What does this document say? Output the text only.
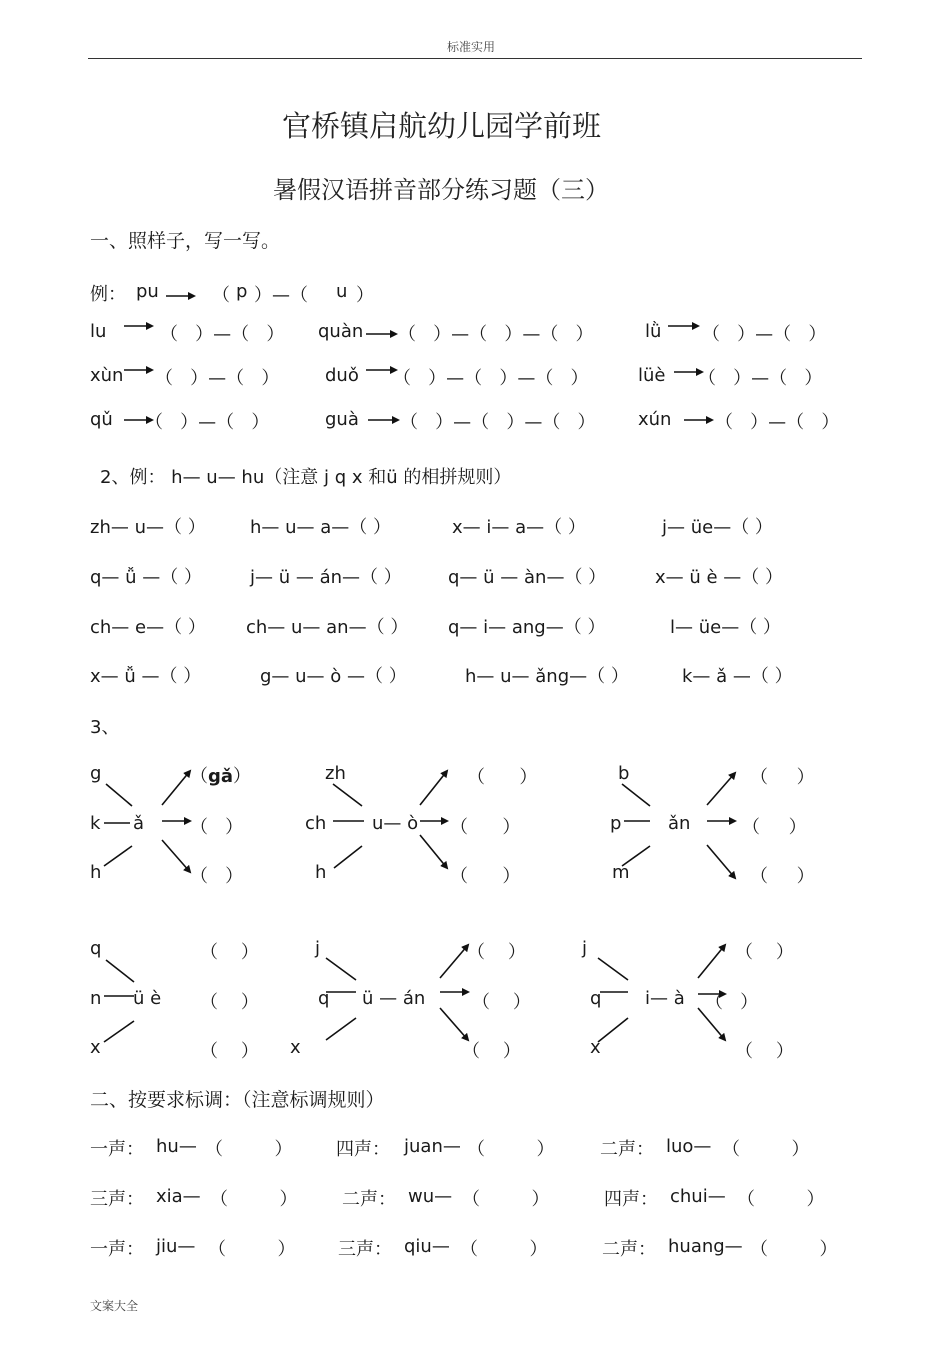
标准实用
官桥镇启航幼儿园学前班
暑假汉语拼音部分练习题（三）
一、照样子，写一写。
例： pu	（ p ）—（ u ）
lu	（   ）—（   ） quàn （   ）—（   ）—（   ）	lǜ （   ）—（   ）
xùn （   ）—（   ）	duǒ （   ）—（   ）—（   ）	lüè （   ）—（   ）
qǔ （   ）—（   ）	guà （   ）—（   ）—（   ） xún （   ）—（   ）
2、例： h— u— hu（注意 j q x 和ü 的相拼规则）
zh— u—（ ） h— u— a—（ ）	x— i— a—（ ）	j— üe—（ ）
q— ǚ —（ ）	j— ü — án—（ ）	q— ü — àn—（ ）	x— ü è —（ ）
ch— e—（ ） ch— u— an—（ ） q— i— ang—（ ）	l— üe—（ ）
x— ǚ —（ ）	g— u— ò —（ ）	h— u— ǎng—（ ）	k— ǎ —（ ）
3、
g
k
h
ǎ
（gǎ）
（   ）
（   ）
zh
ch
h
u— ò
（      ）
（      ）
（      ）
b
p
m
ǎn
（     ）
（     ）
（     ）
q
n
x
ü è
（    ）
（    ）
（    ）
j
q
x
ü — án
（    ）
（    ）
（    ）
j
q
x
i— à
（    ）
（   ）
（    ）
二、按要求标调：（注意标调规则）
一声： hu— （         ） 四声： juan— （         ）	二声： luo— （         ）
三声： xia— （         ） 二声： wu— （         ）	四声： chui— （         ）
一声： jiu— （         ） 三声： qiu— （         ）	二声： huang— （         ）
文案大全
